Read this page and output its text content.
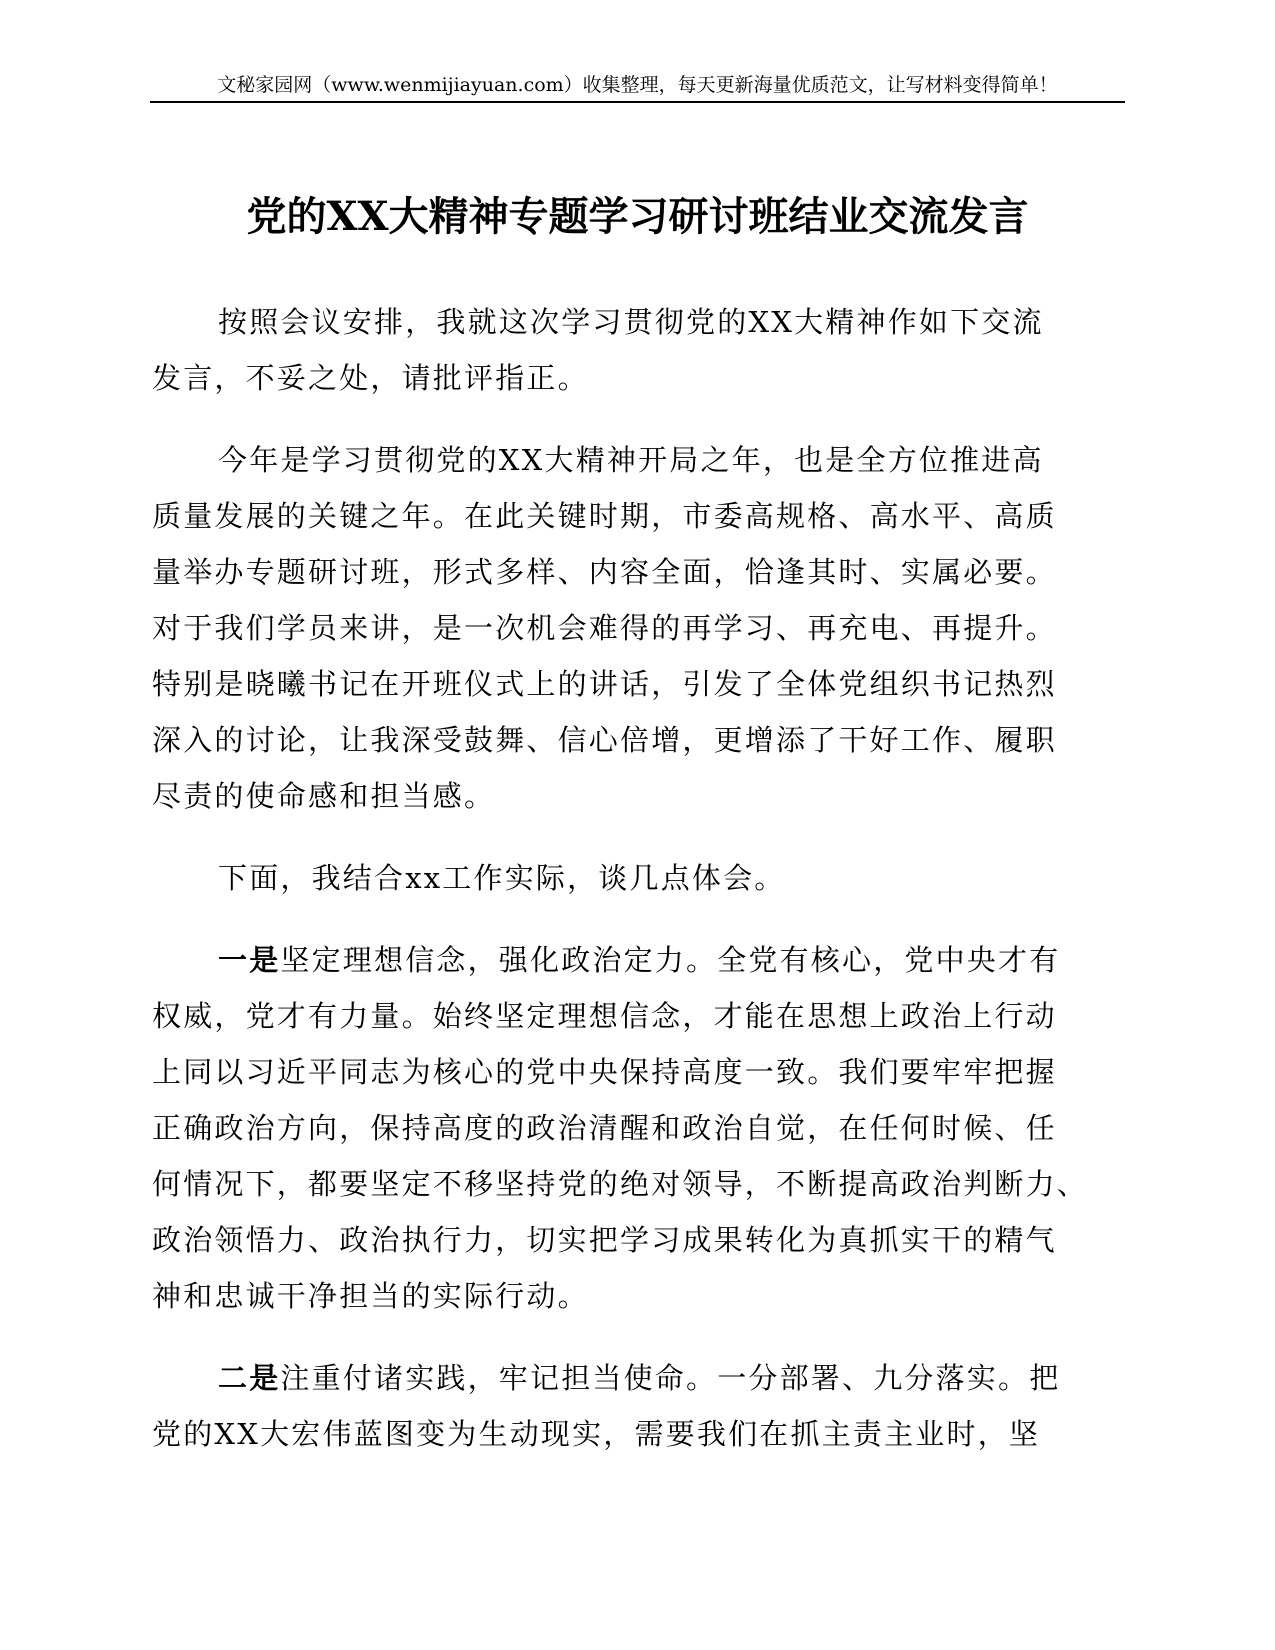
文秘家园网（www.wenmijiayuan.com）收集整理，每天更新海量优质范文，让写材料变得简单！
党的XX大精神专题学习研讨班结业交流发言
按照会议安排，我就这次学习贯彻党的XX大精神作如下交流
发言，不妥之处，请批评指正。
今年是学习贯彻党的XX大精神开局之年，也是全方位推进高
质量发展的关键之年。在此关键时期，市委高规格、高水平、高质
量举办专题研讨班，形式多样、内容全面，恰逢其时、实属必要。
对于我们学员来讲，是一次机会难得的再学习、再充电、再提升。
特别是晓曦书记在开班仪式上的讲话，引发了全体党组织书记热烈
深入的讨论，让我深受鼓舞、信心倍增，更增添了干好工作、履职
尽责的使命感和担当感。
下面，我结合xx工作实际，谈几点体会。
一是坚定理想信念，强化政治定力。全党有核心，党中央才有
权威，党才有力量。始终坚定理想信念，才能在思想上政治上行动
上同以习近平同志为核心的党中央保持高度一致。我们要牢牢把握
正确政治方向，保持高度的政治清醒和政治自觉，在任何时候、任
何情况下，都要坚定不移坚持党的绝对领导，不断提高政治判断力、
政治领悟力、政治执行力，切实把学习成果转化为真抓实干的精气
神和忠诚干净担当的实际行动。
二是注重付诸实践，牢记担当使命。一分部署、九分落实。把
党的XX大宏伟蓝图变为生动现实，需要我们在抓主责主业时，坚
